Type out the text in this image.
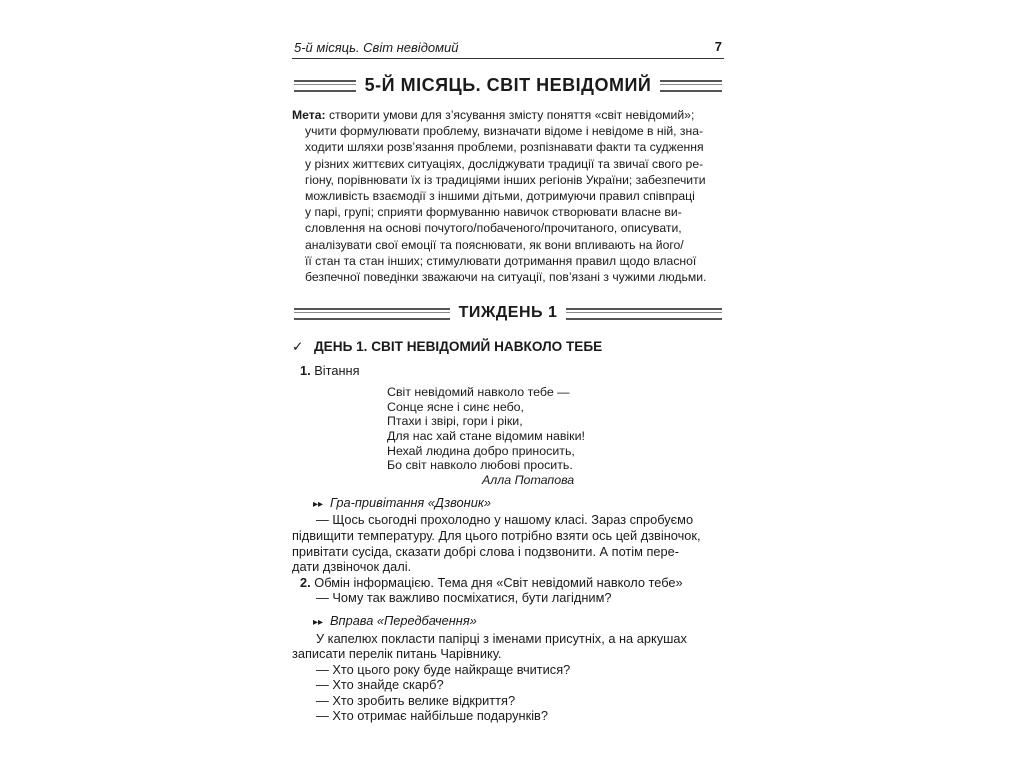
5-й місяць. Світ невідомий	7
5-Й МІСЯЦЬ. СВІТ НЕВІДОМИЙ
Мета: створити умови для з’ясування змісту поняття «світ невідомий»;
учити формулювати проблему, визначати відоме і невідоме в ній, зна-
ходити шляхи розв’язання проблеми, розпізнавати факти та судження
у різних життєвих ситуаціях, досліджувати традиції та звичаї свого ре-
гіону, порівнювати їх із традиціями інших регіонів України; забезпечити
можливість взаємодії з іншими дітьми, дотримуючи правил співпраці
у парі, групі; сприяти формуванню навичок створювати власне ви-
словлення на основі почутого/побаченого/прочитаного, описувати,
аналізувати свої емоції та пояснювати, як вони впливають на його/
її стан та стан інших; стимулювати дотримання правил щодо власної
безпечної поведінки зважаючи на ситуації, пов’язані з чужими людьми.
ТИЖДЕНЬ 1
✓ ДЕНЬ 1. СВІТ НЕВІДОМИЙ НАВКОЛО ТЕБЕ
1. Вітання
Світ невідомий навколо тебе —
Сонце ясне і синє небо,
Птахи і звірі, гори і ріки,
Для нас хай стане відомим навіки!
Нехай людина добро приносить,
Бо світ навколо любові просить.
Алла Потапова
▸▸ Гра-привітання «Дзвоник»
— Щось сьогодні прохолодно у нашому класі. Зараз спробуємо
підвищити температуру. Для цього потрібно взяти ось цей дзвіночок,
привітати сусіда, сказати добрі слова і подзвонити. А потім пере-
дати дзвіночок далі.
2. Обмін інформацією. Тема дня «Світ невідомий навколо тебе»
— Чому так важливо посміхатися, бути лагідним?
▸▸ Вправа «Передбачення»
У капелюх покласти папірці з іменами присутніх, а на аркушах
записати перелік питань Чарівнику.
— Хто цього року буде найкраще вчитися?
— Хто знайде скарб?
— Хто зробить велике відкриття?
— Хто отримає найбільше подарунків?
